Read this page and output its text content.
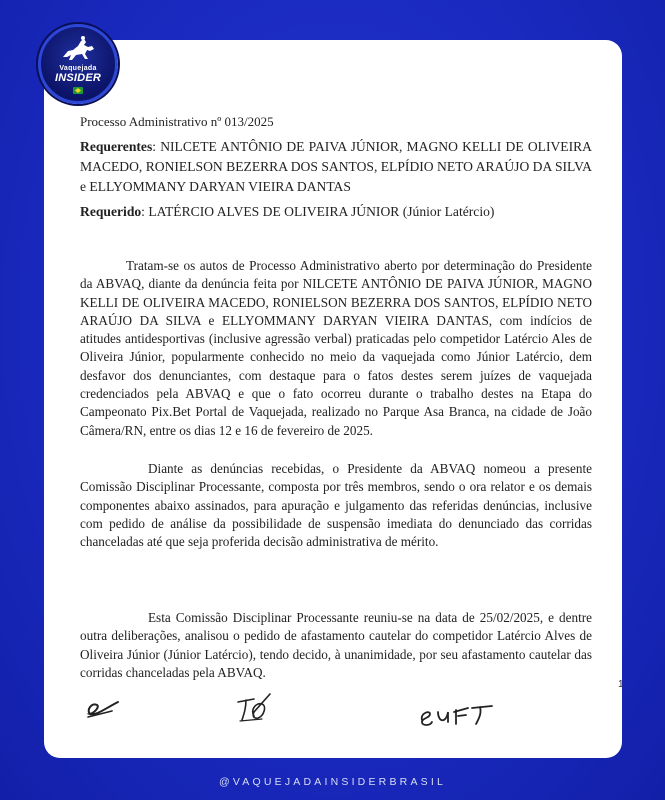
Vaquejada
INSIDER
Processo Administrativo nº 013/2025
Requerentes: NILCETE ANTÔNIO DE PAIVA JÚNIOR, MAGNO KELLI DE OLIVEIRA MACEDO, RONIELSON BEZERRA DOS SANTOS, ELPÍDIO NETO ARAÚJO DA SILVA e ELLYOMMANY DARYAN VIEIRA DANTAS
Requerido: LATÉRCIO ALVES DE OLIVEIRA JÚNIOR (Júnior Latércio)

Tratam-se os autos de Processo Administrativo aberto por determinação do Presidente da ABVAQ, diante da denúncia feita por NILCETE ANTÔNIO DE PAIVA JÚNIOR, MAGNO KELLI DE OLIVEIRA MACEDO, RONIELSON BEZERRA DOS SANTOS, ELPÍDIO NETO ARAÚJO DA SILVA e ELLYOMMANY DARYAN VIEIRA DANTAS, com indícios de atitudes antidesportivas (inclusive agressão verbal) praticadas pelo competidor Latércio Ales de Oliveira Júnior, popularmente conhecido no meio da vaquejada como Júnior Latércio, dem desfavor dos denunciantes, com destaque para o fatos destes serem juízes de vaquejada credenciados pela ABVAQ e que o fato ocorreu durante o trabalho destes na Etapa do Campeonato Pix.Bet Portal de Vaquejada, realizado no Parque Asa Branca, na cidade de João Câmera/RN, entre os dias 12 e 16 de fevereiro de 2025.

Diante as denúncias recebidas, o Presidente da ABVAQ nomeou a presente Comissão Disciplinar Processante, composta por três membros, sendo o ora relator e os demais componentes abaixo assinados, para apuração e julgamento das referidas denúncias, inclusive com pedido de análise da possibilidade de suspensão imediata do denunciado das corridas chanceladas até que seja proferida decisão administrativa de mérito.

Esta Comissão Disciplinar Processante reuniu-se na data de 25/02/2025, e dentre outra deliberações, analisou o pedido de afastamento cautelar do competidor Latércio Alves de Oliveira Júnior (Júnior Latércio), tendo decido, à unanimidade, por seu afastamento cautelar das corridas chanceladas pela ABVAQ.

1
@VAQUEJADAINSIDERBRASIL
